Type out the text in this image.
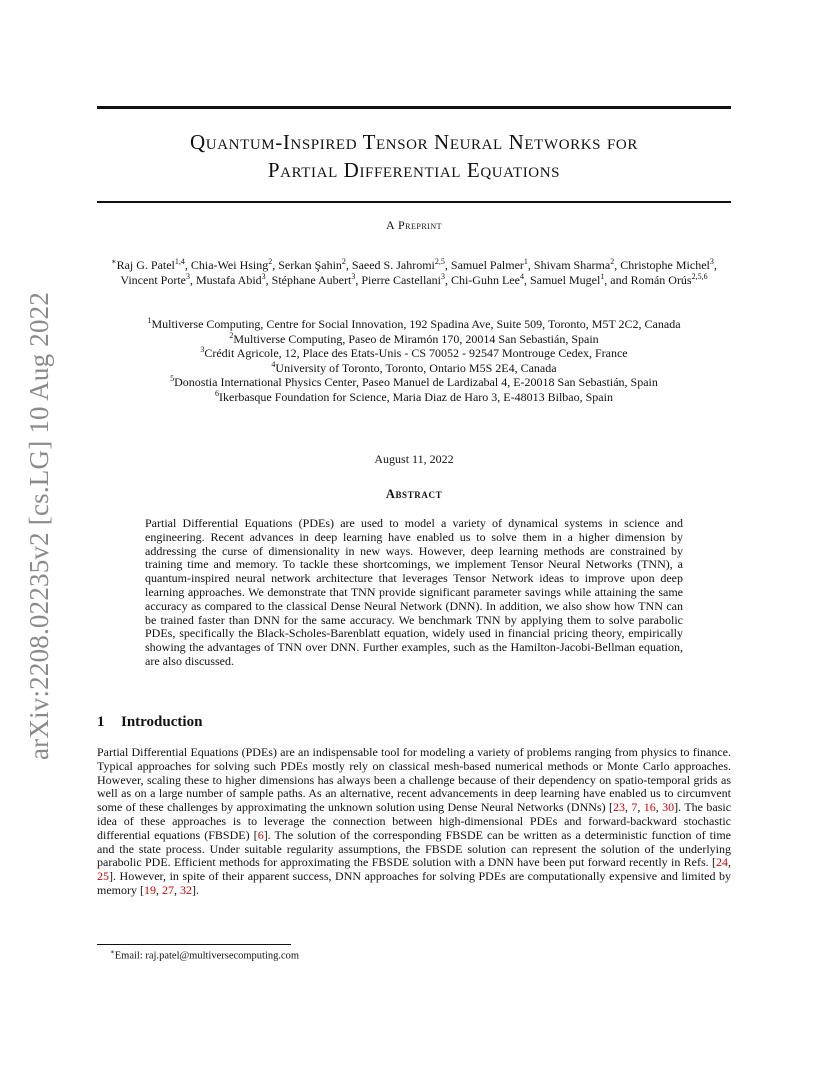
arXiv:2208.02235v2 [cs.LG] 10 Aug 2022
Quantum-Inspired Tensor Neural Networks for
Partial Differential Equations
A Preprint
∗Raj G. Patel$^{1,4}$, Chia-Wei Hsing$^2$, Serkan Şahin$^2$, Saeed S. Jahromi$^{2,5}$, Samuel Palmer$^1$, Shivam Sharma$^2$, Christophe Michel$^3$, Vincent Porte$^3$, Mustafa Abid$^3$, Stéphane Aubert$^3$, Pierre Castellani$^3$, Chi-Guhn Lee$^4$, Samuel Mugel$^1$, and Román Orús$^{2,5,6}$
$^1$Multiverse Computing, Centre for Social Innovation, 192 Spadina Ave, Suite 509, Toronto, M5T 2C2, Canada
$^2$Multiverse Computing, Paseo de Miramón 170, 20014 San Sebastián, Spain
$^3$Crédit Agricole, 12, Place des Etats-Unis - CS 70052 - 92547 Montrouge Cedex, France
$^4$University of Toronto, Toronto, Ontario M5S 2E4, Canada
$^5$Donostia International Physics Center, Paseo Manuel de Lardizabal 4, E-20018 San Sebastián, Spain
$^6$Ikerbasque Foundation for Science, Maria Diaz de Haro 3, E-48013 Bilbao, Spain
August 11, 2022
Abstract
Partial Differential Equations (PDEs) are used to model a variety of dynamical systems in science and engineering. Recent advances in deep learning have enabled us to solve them in a higher dimension by addressing the curse of dimensionality in new ways. However, deep learning methods are constrained by training time and memory. To tackle these shortcomings, we implement Tensor Neural Networks (TNN), a quantum-inspired neural network architecture that leverages Tensor Network ideas to improve upon deep learning approaches. We demonstrate that TNN provide significant parameter savings while attaining the same accuracy as compared to the classical Dense Neural Network (DNN). In addition, we also show how TNN can be trained faster than DNN for the same accuracy. We benchmark TNN by applying them to solve parabolic PDEs, specifically the Black-Scholes-Barenblatt equation, widely used in financial pricing theory, empirically showing the advantages of TNN over DNN. Further examples, such as the Hamilton-Jacobi-Bellman equation, are also discussed.
1 Introduction
Partial Differential Equations (PDEs) are an indispensable tool for modeling a variety of problems ranging from physics to finance. Typical approaches for solving such PDEs mostly rely on classical mesh-based numerical methods or Monte Carlo approaches. However, scaling these to higher dimensions has always been a challenge because of their dependency on spatio-temporal grids as well as on a large number of sample paths. As an alternative, recent advancements in deep learning have enabled us to circumvent some of these challenges by approximating the unknown solution using Dense Neural Networks (DNNs) [23, 7, 16, 30]. The basic idea of these approaches is to leverage the connection between high-dimensional PDEs and forward-backward stochastic differential equations (FBSDE) [6]. The solution of the corresponding FBSDE can be written as a deterministic function of time and the state process. Under suitable regularity assumptions, the FBSDE solution can represent the solution of the underlying parabolic PDE. Efficient methods for approximating the FBSDE solution with a DNN have been put forward recently in Refs. [24, 25]. However, in spite of their apparent success, DNN approaches for solving PDEs are computationally expensive and limited by memory [19, 27, 32].
∗Email: raj.patel@multiversecomputing.com
